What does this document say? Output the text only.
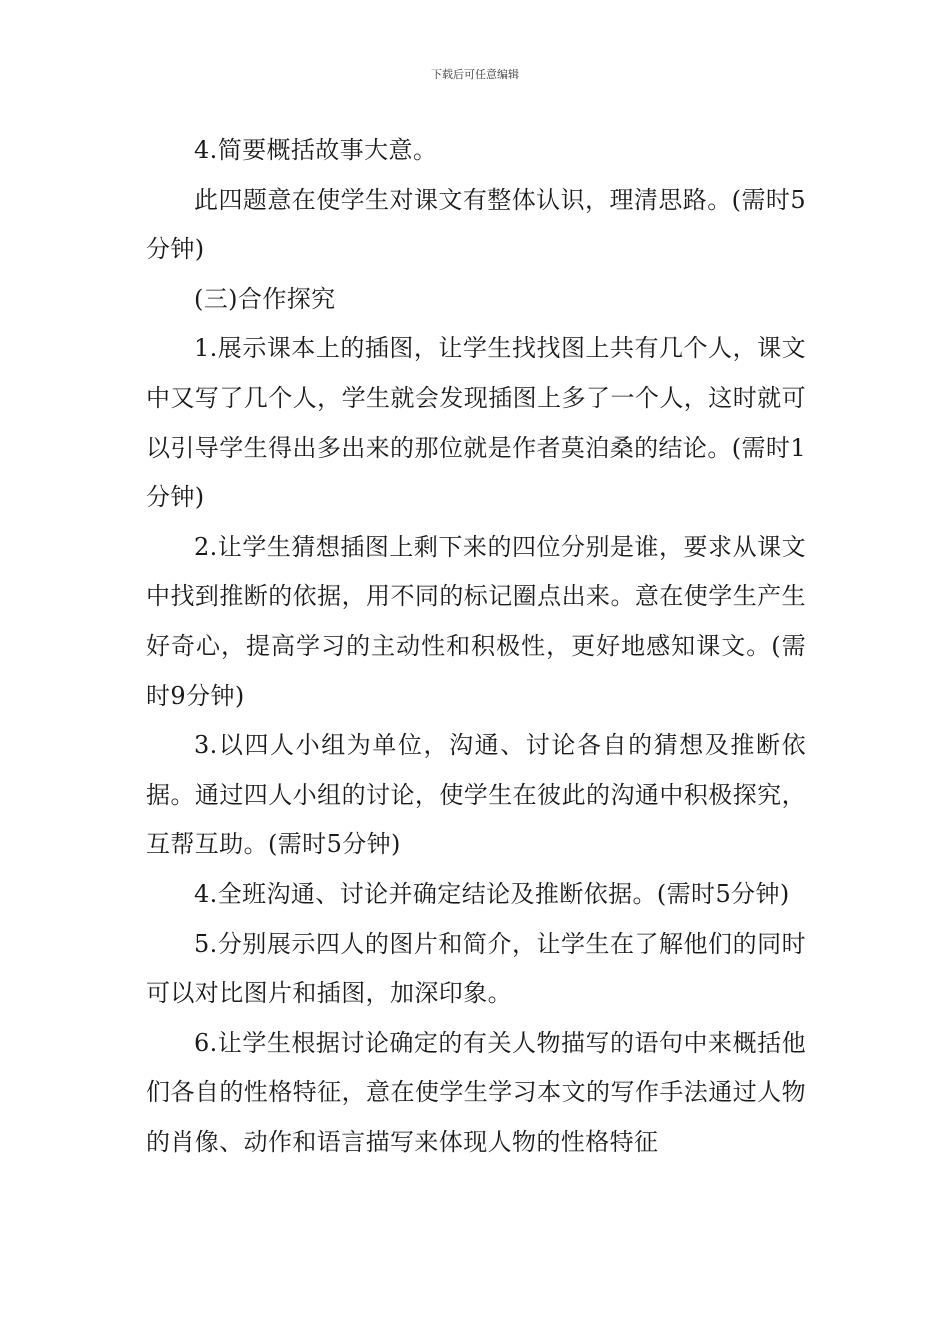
下载后可任意编辑

4.简要概括故事大意。

此四题意在使学生对课文有整体认识，理清思路。(需时5分钟)

(三)合作探究

1.展示课本上的插图，让学生找找图上共有几个人，课文中又写了几个人，学生就会发现插图上多了一个人，这时就可以引导学生得出多出来的那位就是作者莫泊桑的结论。(需时1分钟)

2.让学生猜想插图上剩下来的四位分别是谁，要求从课文中找到推断的依据，用不同的标记圈点出来。意在使学生产生好奇心，提高学习的主动性和积极性，更好地感知课文。(需时9分钟)

3.以四人小组为单位，沟通、讨论各自的猜想及推断依据。通过四人小组的讨论，使学生在彼此的沟通中积极探究，互帮互助。(需时5分钟)

4.全班沟通、讨论并确定结论及推断依据。(需时5分钟)

5.分别展示四人的图片和简介，让学生在了解他们的同时可以对比图片和插图，加深印象。

6.让学生根据讨论确定的有关人物描写的语句中来概括他们各自的性格特征，意在使学生学习本文的写作手法通过人物的肖像、动作和语言描写来体现人物的性格特征
